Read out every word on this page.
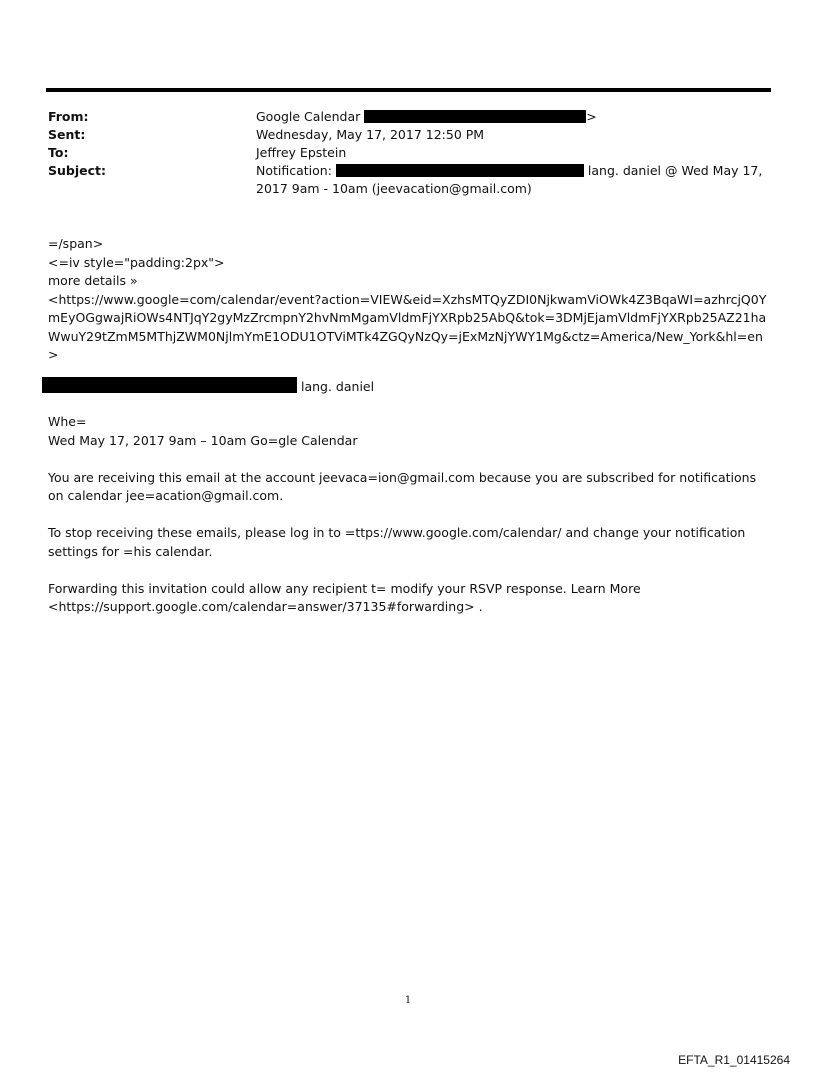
From:	Google Calendar	>
Sent:	Wednesday, May 17, 2017 12:50 PM
To:	Jeffrey Epstein
Subject:	Notification:	lang. daniel @ Wed May 17, 2017 9am - 10am (jeevacation@gmail.com)

=/span>

<=iv style="padding:2px">

more details »

<https://www.google=com/calendar/event?action=VIEW&eid=XzhsMTQyZDI0NjkwamViOWk4Z3BqaWI=azhrcjQ0YmEyOGgwajRiOWs4NTJqY2gyMzZrcmpnY2hvNmMgamVldmFjYXRpb25AbQ&tok=3DMjEjamVldmFjYXRpb25AZ21haWwuY29tZmM5MThjZWM0NjlmYmE1ODU1OTViMTk4ZGQyNzQy=jExMzNjYWY1Mg&ctz=America/New_York&hl=en>

lang. daniel

Whe=

Wed May 17, 2017 9am – 10am Go=gle Calendar

You are receiving this email at the account jeevaca=ion@gmail.com because you are subscribed for notifications on calendar jee=acation@gmail.com.

To stop receiving these emails, please log in to =ttps://www.google.com/calendar/ and change your notification settings for =his calendar.

Forwarding this invitation could allow any recipient t= modify your RSVP response. Learn More <https://support.google.com/calendar=answer/37135#forwarding> .

1
EFTA_R1_01415264
